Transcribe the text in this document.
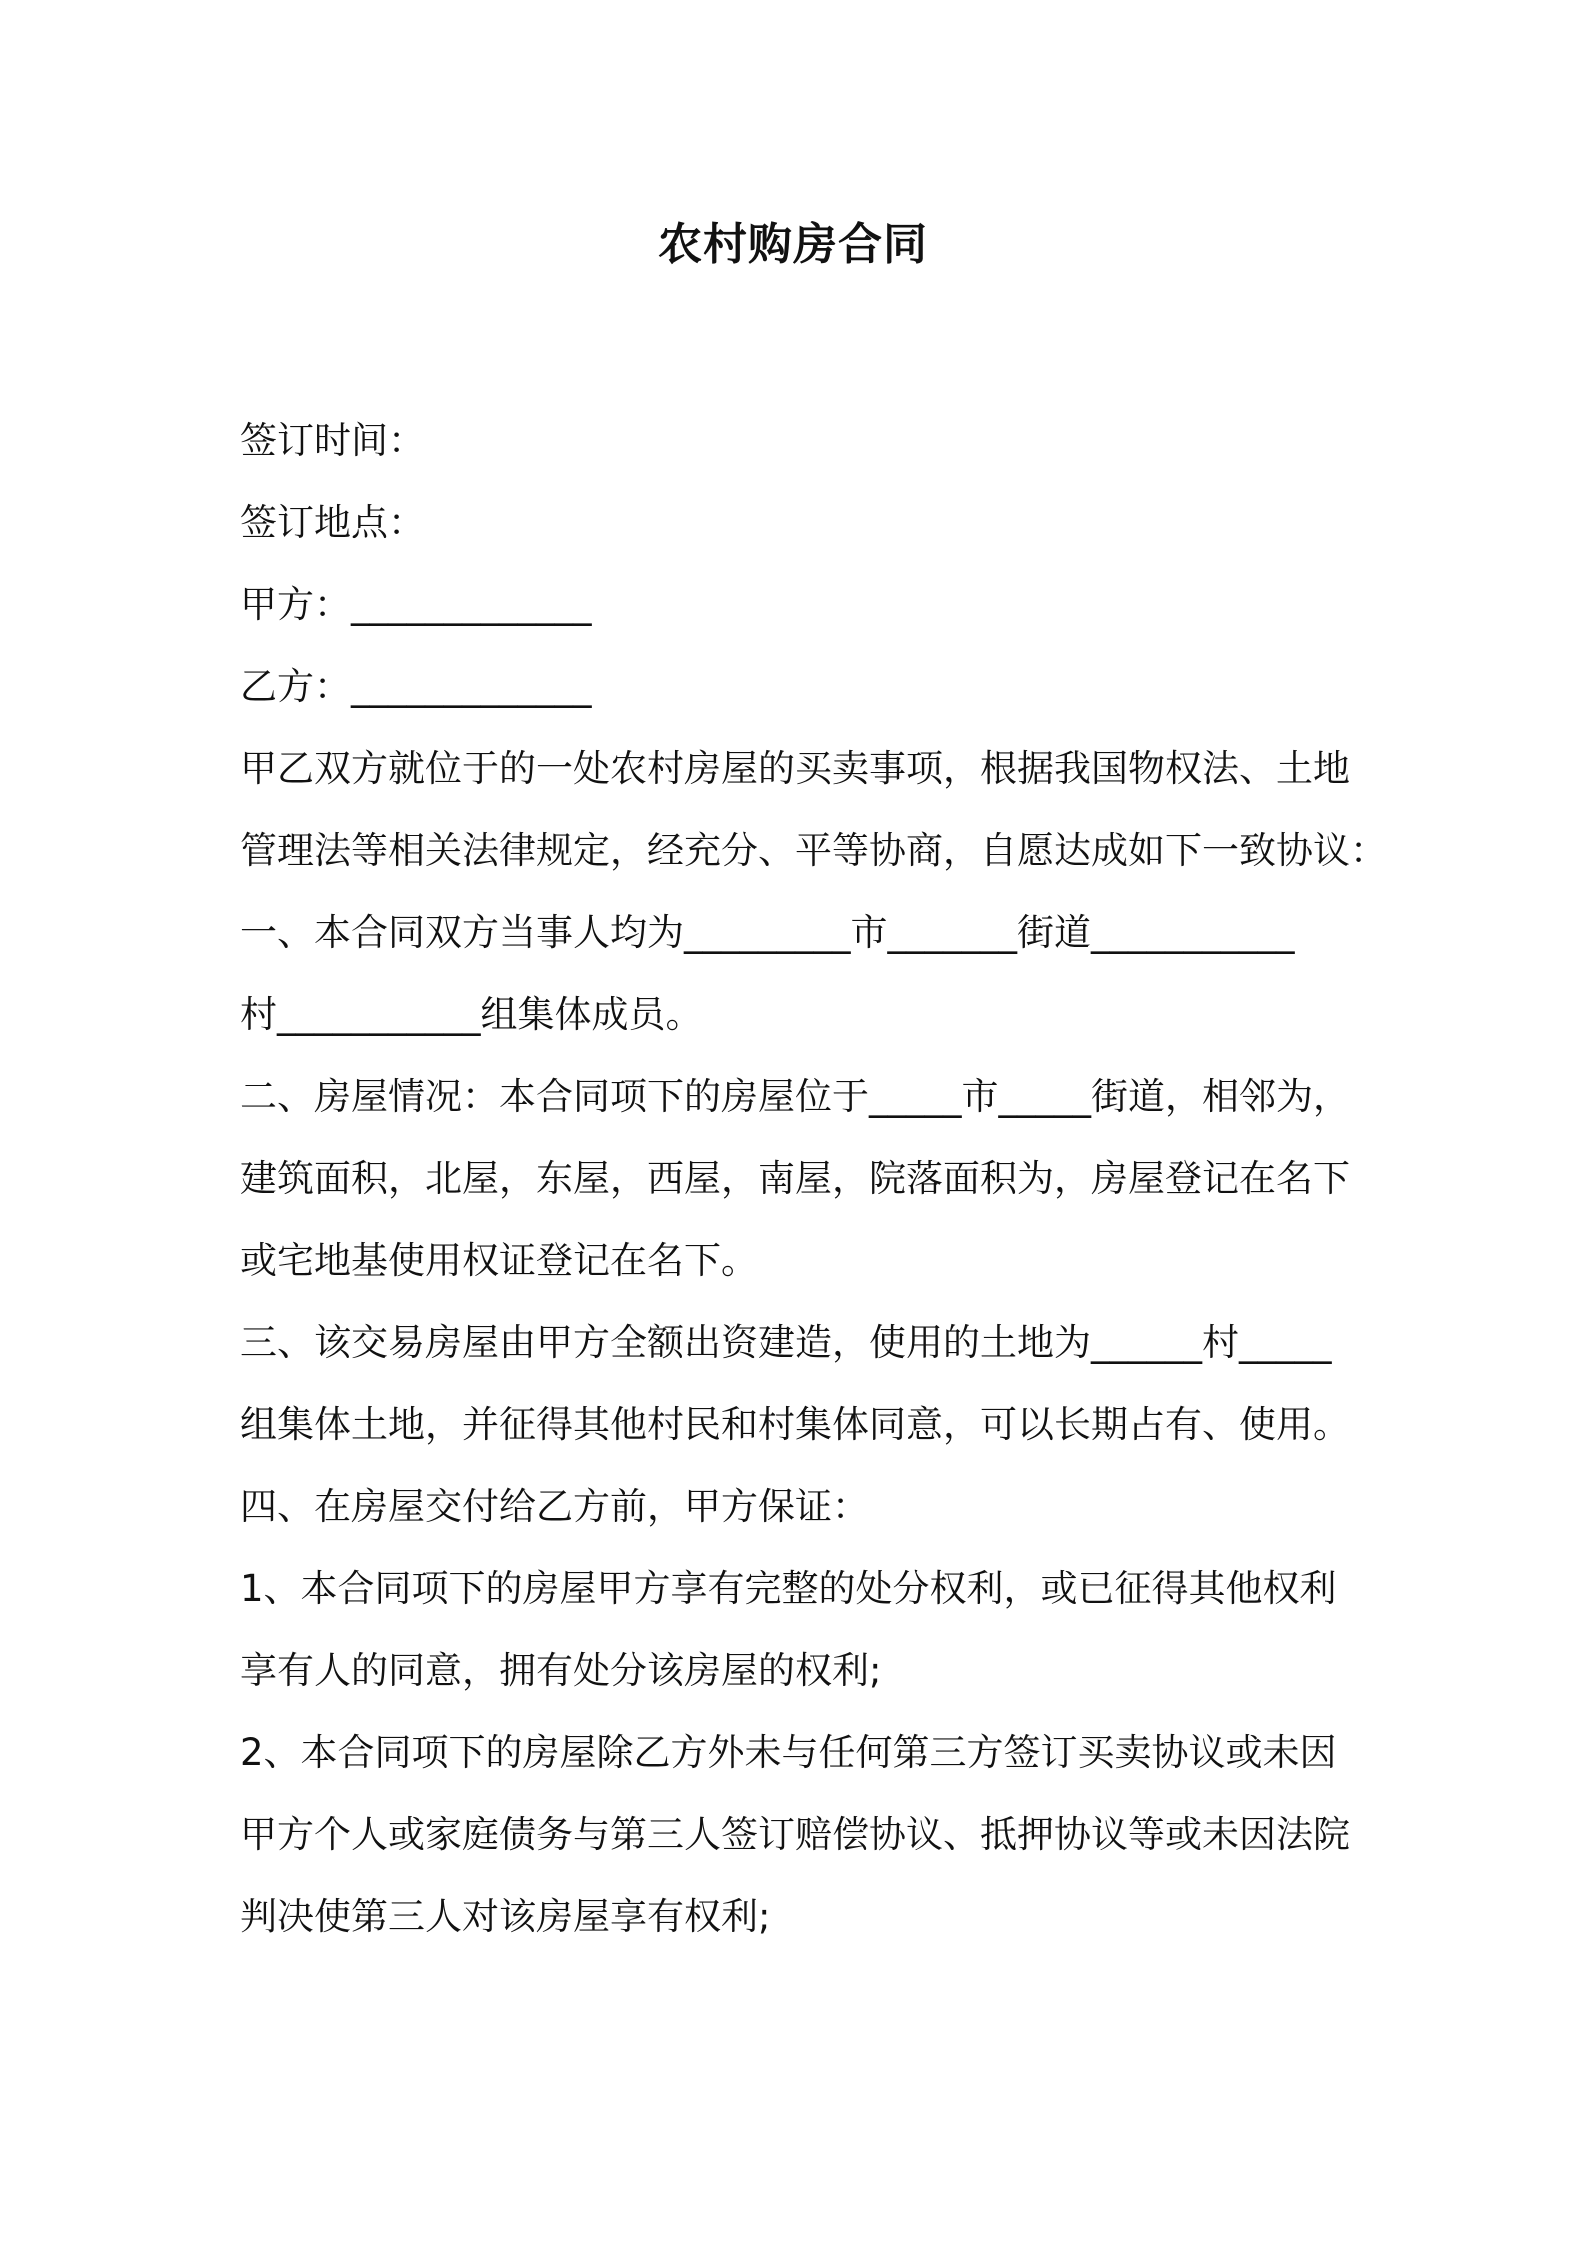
农村购房合同

签订时间：

签订地点：

甲方：_____________

乙方：_____________

甲乙双方就位于的一处农村房屋的买卖事项，根据我国物权法、土地

管理法等相关法律规定，经充分、平等协商，自愿达成如下一致协议：

一、本合同双方当事人均为_________市_______街道___________

村___________组集体成员。

二、房屋情况：本合同项下的房屋位于_____市_____街道，相邻为，

建筑面积，北屋，东屋，西屋，南屋，院落面积为，房屋登记在名下

或宅地基使用权证登记在名下。

三、该交易房屋由甲方全额出资建造，使用的土地为______村_____

组集体土地，并征得其他村民和村集体同意，可以长期占有、使用。

四、在房屋交付给乙方前，甲方保证：

1、本合同项下的房屋甲方享有完整的处分权利，或已征得其他权利

享有人的同意，拥有处分该房屋的权利;

2、本合同项下的房屋除乙方外未与任何第三方签订买卖协议或未因

甲方个人或家庭债务与第三人签订赔偿协议、抵押协议等或未因法院

判决使第三人对该房屋享有权利;
